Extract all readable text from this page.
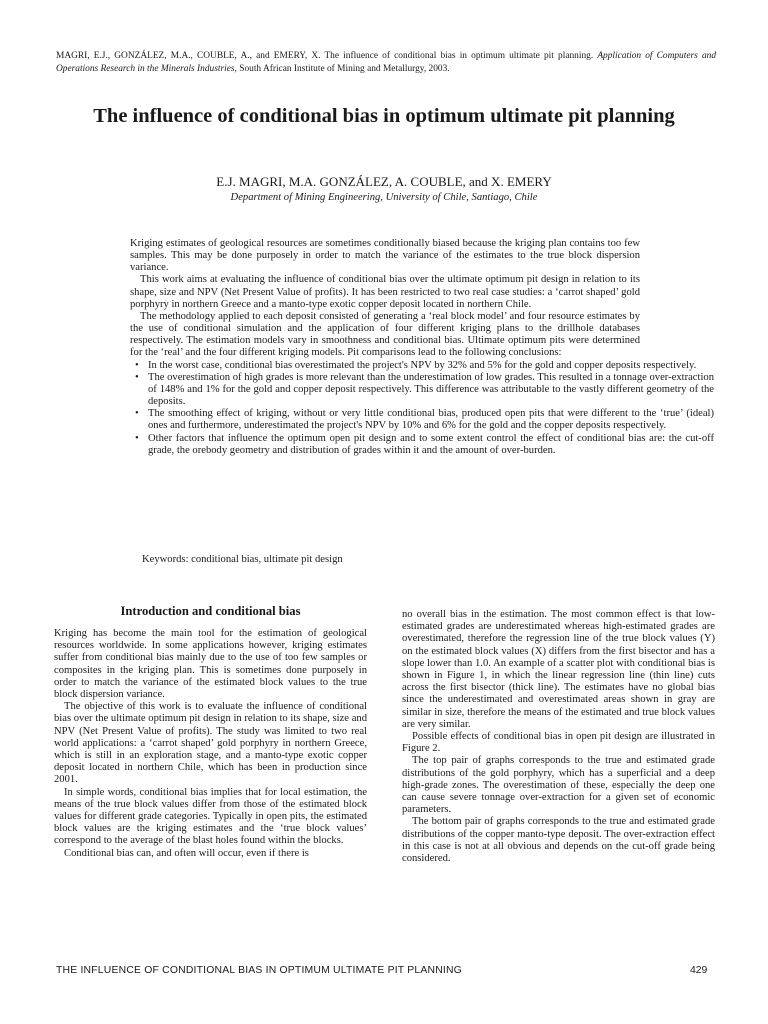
MAGRI, E.J., GONZÁLEZ, M.A., COUBLE, A., and EMERY, X. The influence of conditional bias in optimum ultimate pit planning. Application of Computers and Operations Research in the Minerals Industries, South African Institute of Mining and Metallurgy, 2003.
The influence of conditional bias in optimum ultimate pit planning
E.J. MAGRI, M.A. GONZÁLEZ, A. COUBLE, and X. EMERY
Department of Mining Engineering, University of Chile, Santiago, Chile

Kriging estimates of geological resources are sometimes conditionally biased because the kriging plan contains too few samples. This may be done purposely in order to match the variance of the estimates to the true block dispersion variance.

This work aims at evaluating the influence of conditional bias over the ultimate optimum pit design in relation to its shape, size and NPV (Net Present Value of profits). It has been restricted to two real case studies: a ‘carrot shaped’ gold porphyry in northern Greece and a manto-type exotic copper deposit located in northern Chile.

The methodology applied to each deposit consisted of generating a ‘real block model’ and four resource estimates by the use of conditional simulation and the application of four different kriging plans to the drillhole databases respectively. The estimation models vary in smoothness and conditional bias. Ultimate optimum pits were determined for the ‘real’ and the four different kriging models. Pit comparisons lead to the following conclusions:

• In the worst case, conditional bias overestimated the project's NPV by 32% and 5% for the gold and copper deposits respectively.
• The overestimation of high grades is more relevant than the underestimation of low grades. This resulted in a tonnage over-extraction of 148% and 1% for the gold and copper deposit respectively. This difference was attributable to the vastly different geometry of the deposits.
• The smoothing effect of kriging, without or very little conditional bias, produced open pits that were different to the ‘true’ (ideal) ones and furthermore, underestimated the project's NPV by 10% and 6% for the gold and the copper deposits respectively.
• Other factors that influence the optimum open pit design and to some extent control the effect of conditional bias are: the cut-off grade, the orebody geometry and distribution of grades within it and the amount of over-burden.
Keywords: conditional bias, ultimate pit design
Introduction and conditional bias

Kriging has become the main tool for the estimation of geological resources worldwide. In some applications however, kriging estimates suffer from conditional bias mainly due to the use of too few samples or composites in the kriging plan. This is sometimes done purposely in order to match the variance of the estimated block values to the true block dispersion variance.

The objective of this work is to evaluate the influence of conditional bias over the ultimate optimum pit design in relation to its shape, size and NPV (Net Present Value of profits). The study was limited to two real world applications: a ‘carrot shaped’ gold porphyry in northern Greece, which is still in an exploration stage, and a manto-type exotic copper deposit located in northern Chile, which has been in production since 2001.

In simple words, conditional bias implies that for local estimation, the means of the true block values differ from those of the estimated block values for different grade categories. Typically in open pits, the estimated block values are the kriging estimates and the ‘true block values’ correspond to the average of the blast holes found within the blocks.

Conditional bias can, and often will occur, even if there is

no overall bias in the estimation. The most common effect is that low-estimated grades are underestimated whereas high-estimated grades are overestimated, therefore the regression line of the true block values (Y) on the estimated block values (X) differs from the first bisector and has a slope lower than 1.0. An example of a scatter plot with conditional bias is shown in Figure 1, in which the linear regression line (thin line) cuts across the first bisector (thick line). The estimates have no global bias since the underestimated and overestimated areas shown in gray are similar in size, therefore the means of the estimated and true block values are very similar.

Possible effects of conditional bias in open pit design are illustrated in Figure 2.

The top pair of graphs corresponds to the true and estimated grade distributions of the gold porphyry, which has a superficial and a deep high-grade zones. The overestimation of these, especially the deep one can cause severe tonnage over-extraction for a given set of economic parameters.

The bottom pair of graphs corresponds to the true and estimated grade distributions of the copper manto-type deposit. The over-extraction effect in this case is not at all obvious and depends on the cut-off grade being considered.

THE INFLUENCE OF CONDITIONAL BIAS IN OPTIMUM ULTIMATE PIT PLANNING	429
